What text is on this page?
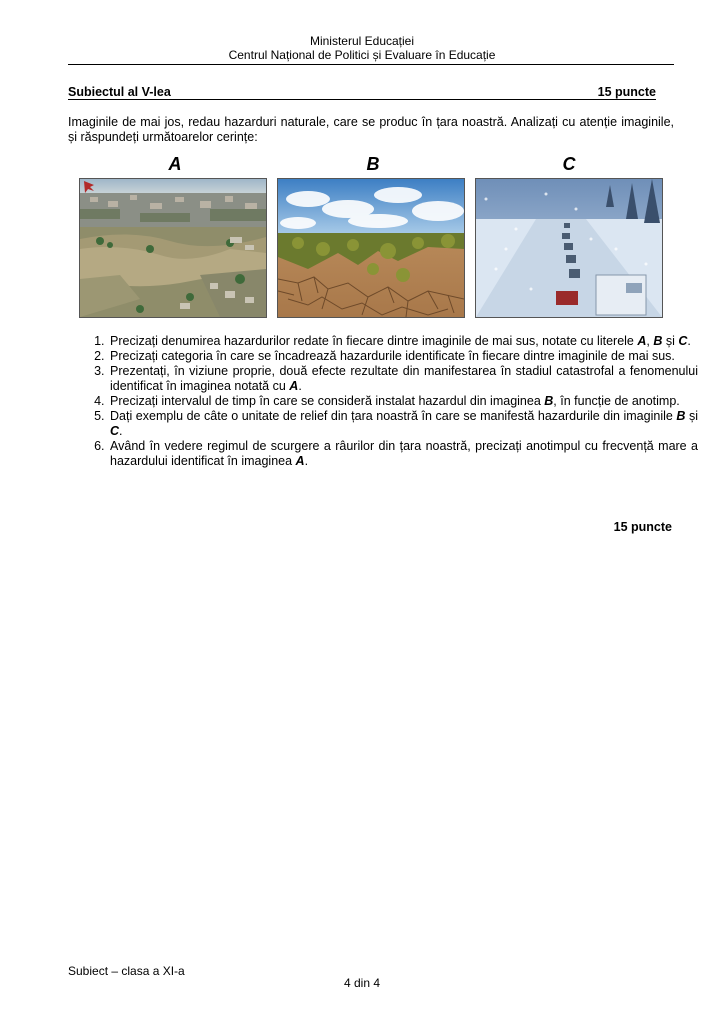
Ministerul Educației
Centrul Național de Politici și Evaluare în Educație
Subiectul al V-lea	15 puncte
Imaginile de mai jos, redau hazarduri naturale, care se produc în țara noastră. Analizați cu atenție imaginile, și răspundeți următoarelor cerințe:
A	B	C
1. Precizați denumirea hazardurilor redate în fiecare dintre imaginile de mai sus, notate cu literele A, B și C.
2. Precizați categoria în care se încadrează hazardurile identificate în fiecare dintre imaginile de mai sus.
3. Prezentați, în viziune proprie, două efecte rezultate din manifestarea în stadiul catastrofal a fenomenului identificat în imaginea notată cu A.
4. Precizați intervalul de timp în care se consideră instalat hazardul din imaginea B, în funcție de anotimp.
5. Dați exemplu de câte o unitate de relief din țara noastră în care se manifestă hazardurile din imaginile B și C.
6. Având în vedere regimul de scurgere a râurilor din țara noastră, precizați anotimpul cu frecvență mare a hazardului identificat în imaginea A.
15 puncte
Subiect – clasa a XI-a
4 din 4
